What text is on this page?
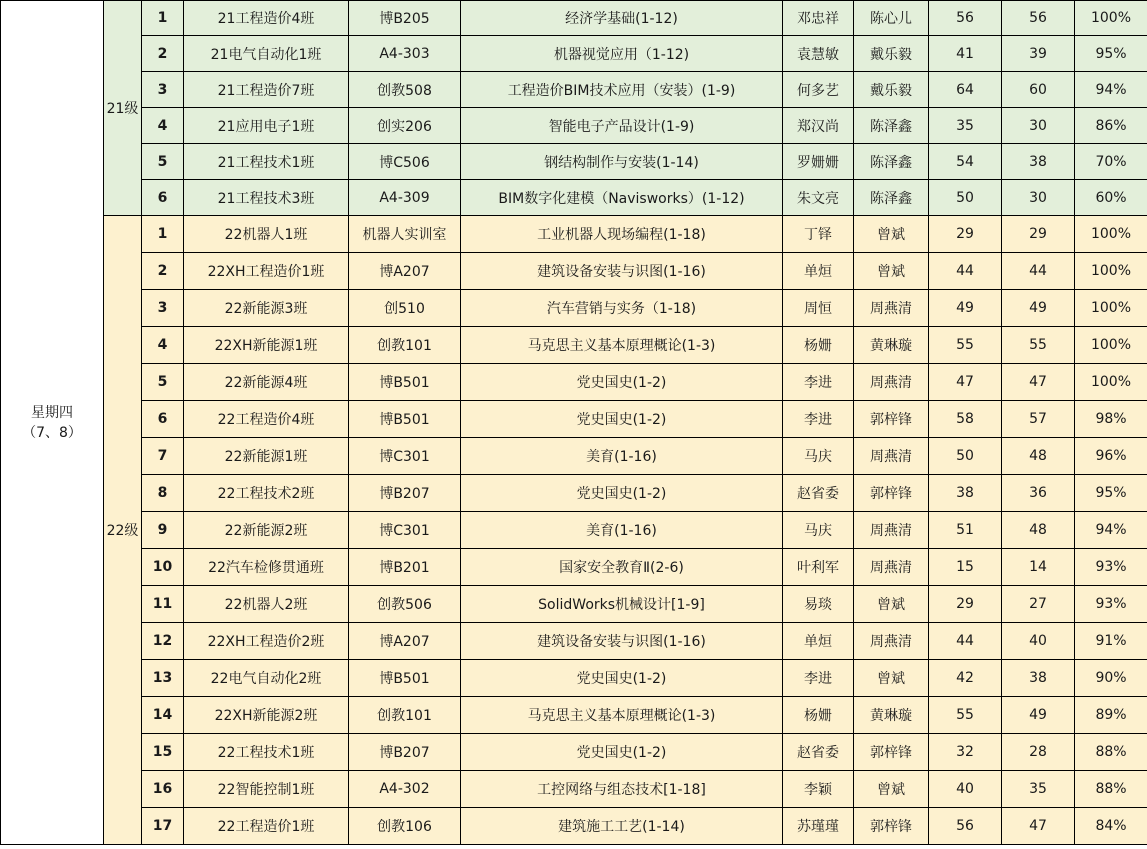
星期四
（7、8）	21级	1	21工程造价4班	博B205	经济学基础(1-12)	邓忠祥	陈心儿	56	56	100%
		2	21电气自动化1班	A4-303	机器视觉应用（1-12)	袁慧敏	戴乐毅	41	39	95%
		3	21工程造价7班	创教508	工程造价BIM技术应用（安装）(1-9)	何多艺	戴乐毅	64	60	94%
		4	21应用电子1班	创实206	智能电子产品设计(1-9)	郑汉尚	陈泽鑫	35	30	86%
		5	21工程技术1班	博C506	钢结构制作与安装(1-14)	罗姗姗	陈泽鑫	54	38	70%
		6	21工程技术3班	A4-309	BIM数字化建模（Navisworks）(1-12)	朱文亮	陈泽鑫	50	30	60%
	22级	1	22机器人1班	机器人实训室	工业机器人现场编程(1-18)	丁铎	曾斌	29	29	100%
		2	22XH工程造价1班	博A207	建筑设备安装与识图(1-16)	单烜	曾斌	44	44	100%
		3	22新能源3班	创510	汽车营销与实务（1-18)	周恒	周燕清	49	49	100%
		4	22XH新能源1班	创教101	马克思主义基本原理概论(1-3)	杨姗	黄琳璇	55	55	100%
		5	22新能源4班	博B501	党史国史(1-2)	李进	周燕清	47	47	100%
		6	22工程造价4班	博B501	党史国史(1-2)	李进	郭梓锋	58	57	98%
		7	22新能源1班	博C301	美育(1-16)	马庆	周燕清	50	48	96%
		8	22工程技术2班	博B207	党史国史(1-2)	赵省委	郭梓锋	38	36	95%
		9	22新能源2班	博C301	美育(1-16)	马庆	周燕清	51	48	94%
		10	22汽车检修贯通班	博B201	国家安全教育Ⅱ(2-6)	叶利军	周燕清	15	14	93%
		11	22机器人2班	创教506	SolidWorks机械设计[1-9]	易琰	曾斌	29	27	93%
		12	22XH工程造价2班	博A207	建筑设备安装与识图(1-16)	单烜	周燕清	44	40	91%
		13	22电气自动化2班	博B501	党史国史(1-2)	李进	曾斌	42	38	90%
		14	22XH新能源2班	创教101	马克思主义基本原理概论(1-3)	杨姗	黄琳璇	55	49	89%
		15	22工程技术1班	博B207	党史国史(1-2)	赵省委	郭梓锋	32	28	88%
		16	22智能控制1班	A4-302	工控网络与组态技术[1-18]	李颖	曾斌	40	35	88%
		17	22工程造价1班	创教106	建筑施工工艺(1-14)	苏瑾瑾	郭梓锋	56	47	84%
